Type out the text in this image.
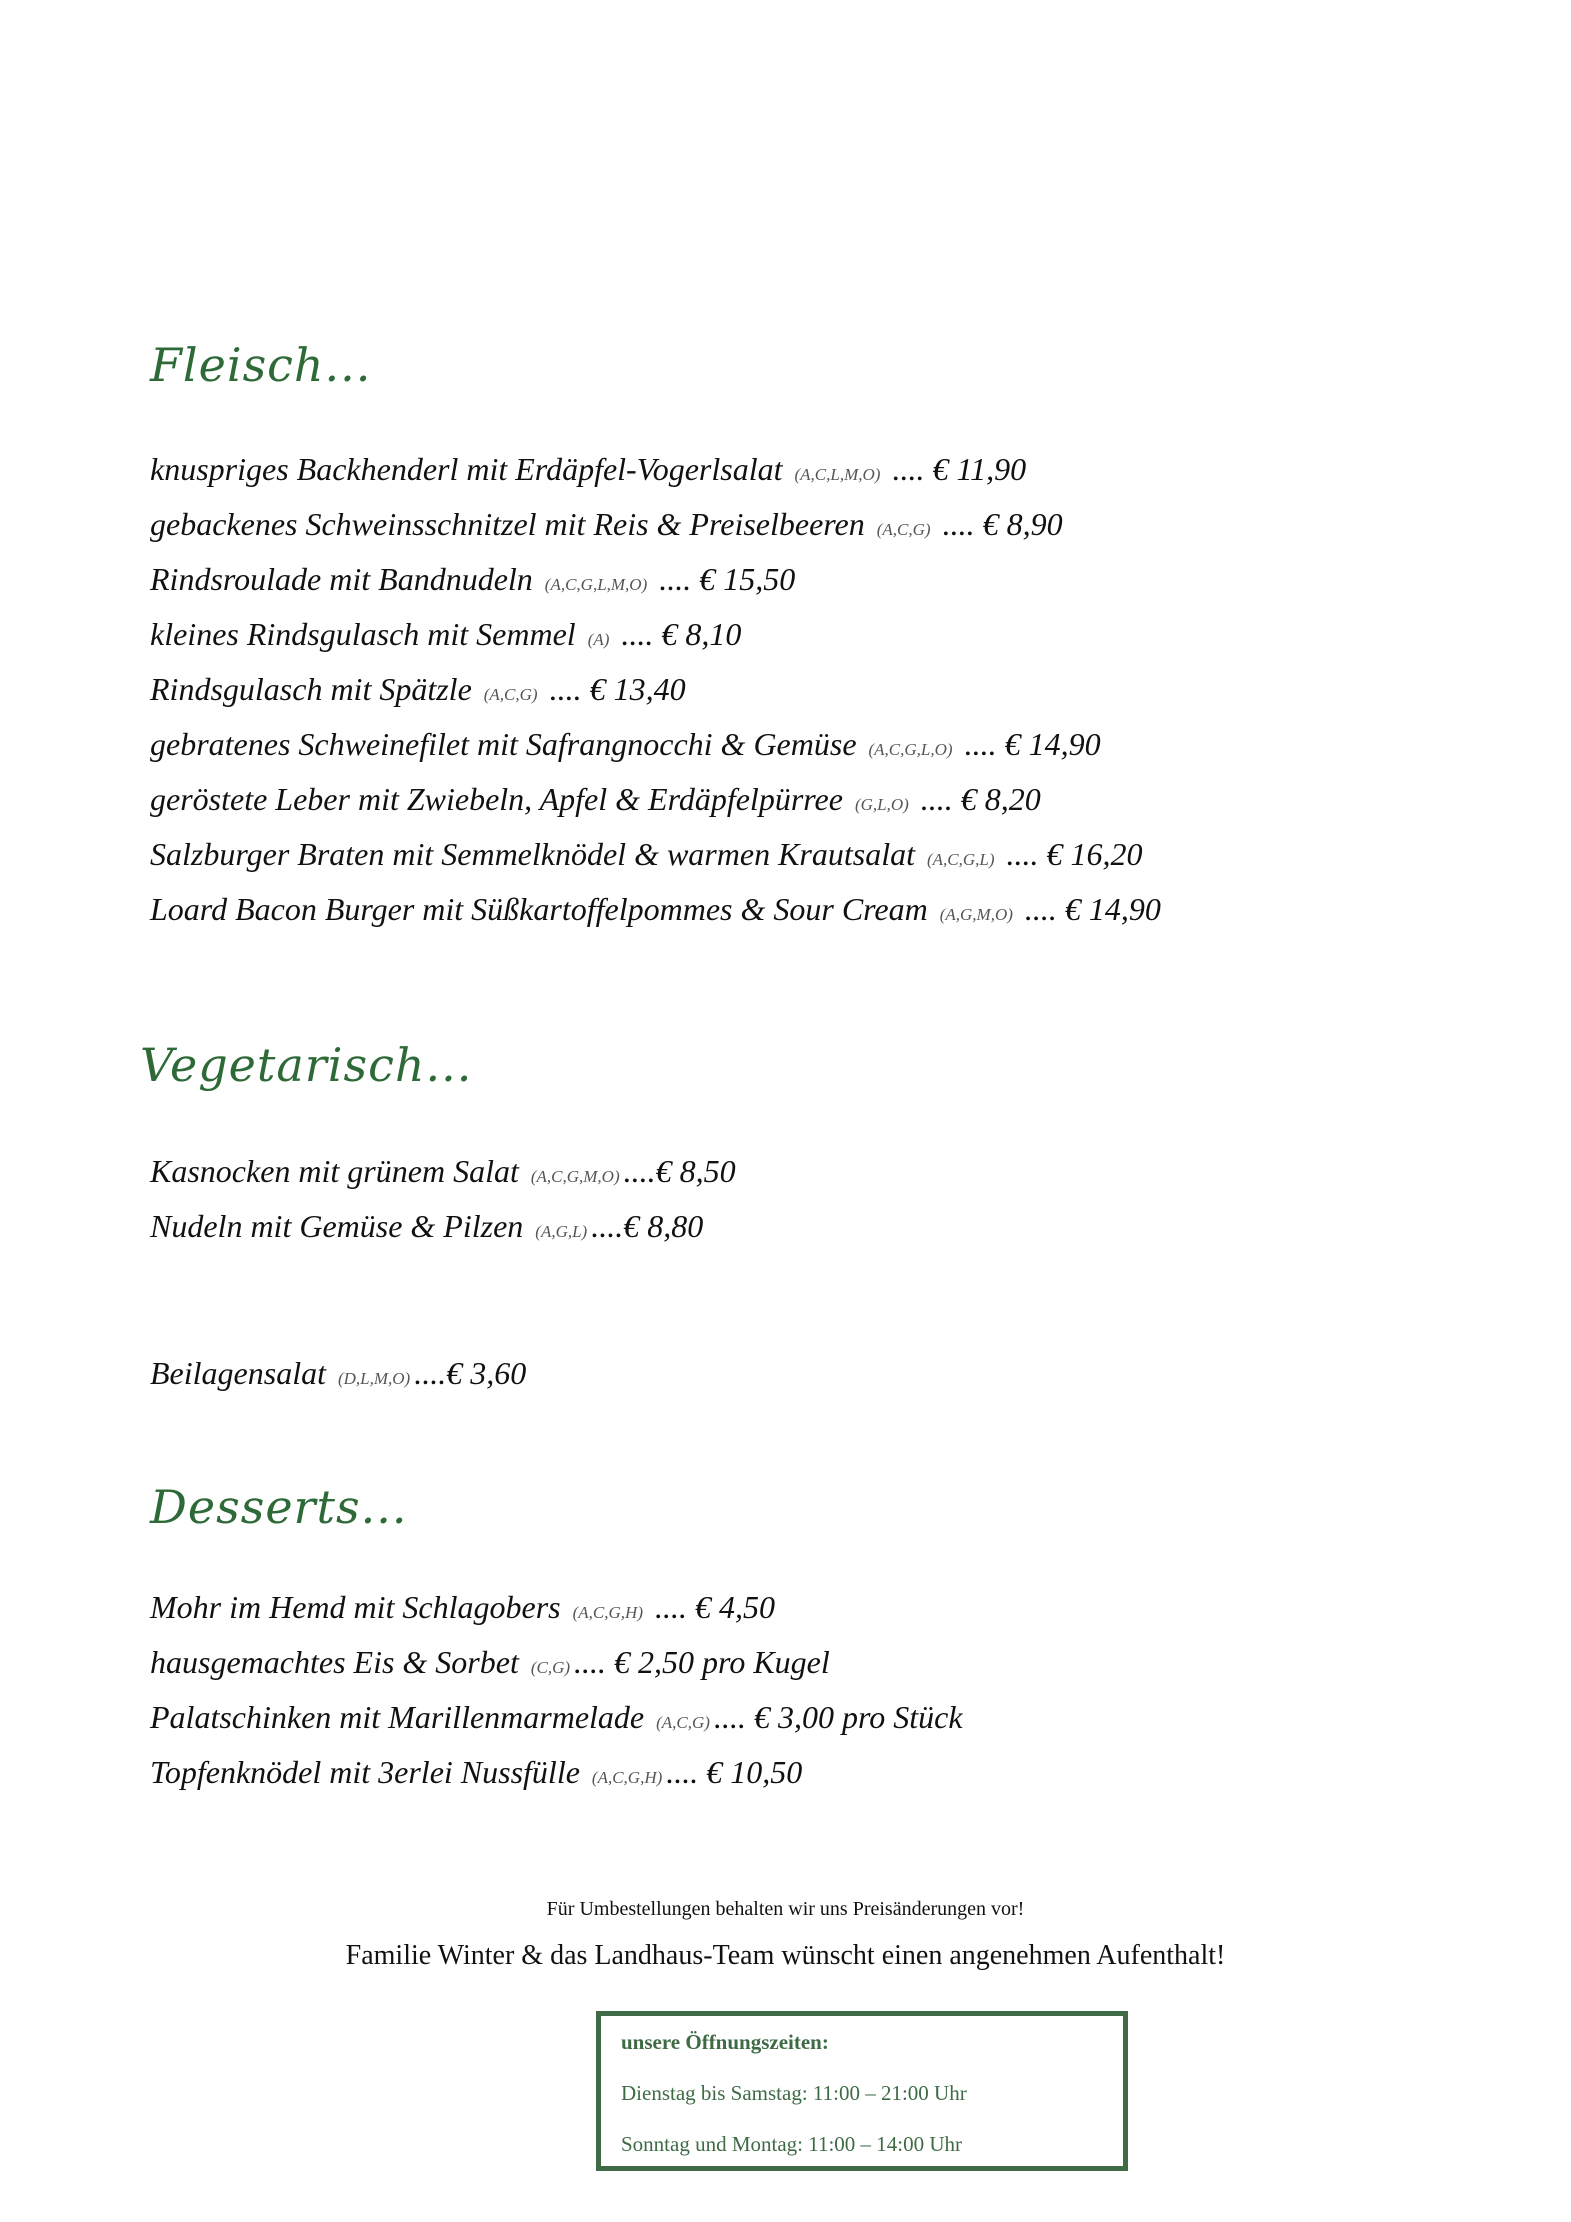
Fleisch...
knuspriges Backhenderl mit Erdäpfel-Vogerlsalat (A,C,L,M,O) .... € 11,90
gebackenes Schweinsschnitzel mit Reis & Preiselbeeren (A,C,G) .... € 8,90
Rindsroulade mit Bandnudeln (A,C,G,L,M,O) .... € 15,50
kleines Rindsgulasch mit Semmel (A) .... € 8,10
Rindsgulasch mit Spätzle (A,C,G) .... € 13,40
gebratenes Schweinefilet mit Safrangnocchi & Gemüse (A,C,G,L,O) .... € 14,90
geröstete Leber mit Zwiebeln, Apfel & Erdäpfelpürree (G,L,O) .... € 8,20
Salzburger Braten mit Semmelknödel & warmen Krautsalat (A,C,G,L) .... € 16,20
Loard Bacon Burger mit Süßkartoffelpommes & Sour Cream (A,G,M,O) .... € 14,90
Vegetarisch...
Kasnocken mit grünem Salat (A,C,G,M,O) ....€ 8,50
Nudeln mit Gemüse & Pilzen (A,G,L) ....€ 8,80
Beilagensalat (D,L,M,O) ....€ 3,60
Desserts...
Mohr im Hemd mit Schlagobers (A,C,G,H) .... € 4,50
hausgemachtes Eis & Sorbet (C,G) .... € 2,50 pro Kugel
Palatschinken mit Marillenmarmelade (A,C,G) .... € 3,00 pro Stück
Topfenknödel mit 3erlei Nussfülle (A,C,G,H) .... € 10,50

Für Umbestellungen behalten wir uns Preisänderungen vor!

Familie Winter & das Landhaus-Team wünscht einen angenehmen Aufenthalt!

unsere Öffnungszeiten:

Dienstag bis Samstag: 11:00 – 21:00 Uhr

Sonntag und Montag: 11:00 – 14:00 Uhr
